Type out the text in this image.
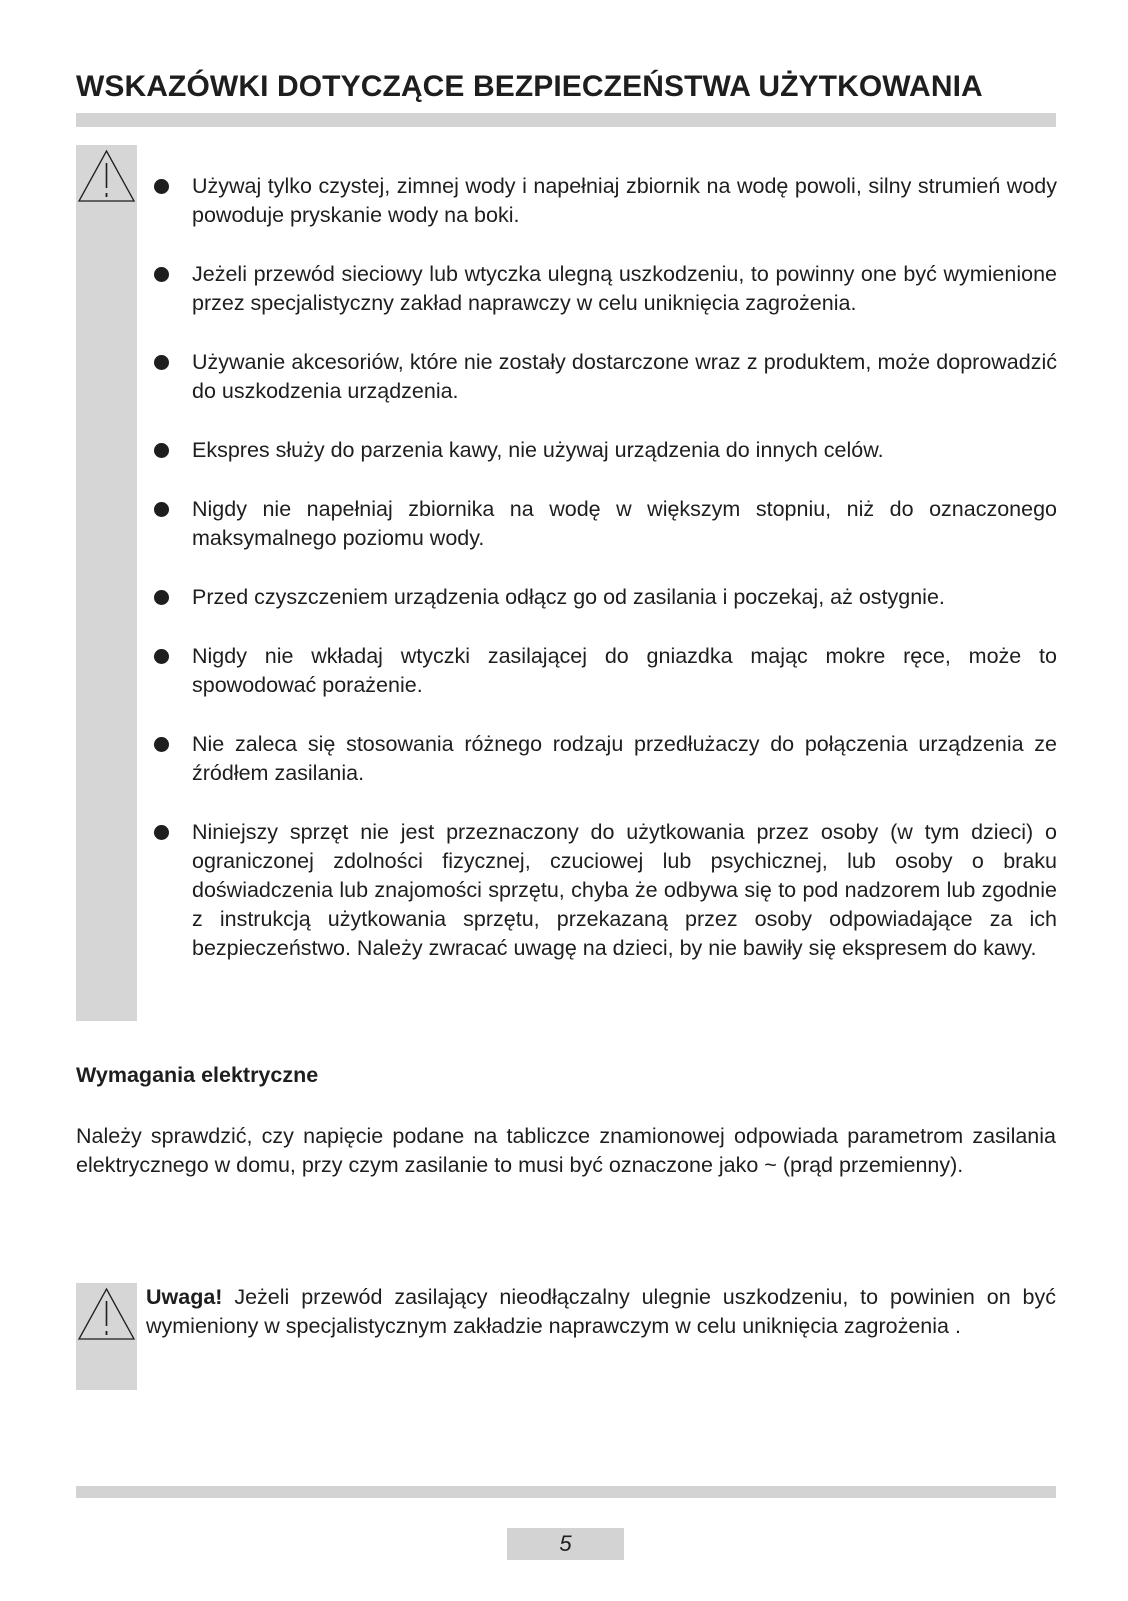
WSKAZÓWKI DOTYCZĄCE BEZPIECZEŃSTWA UŻYTKOWANIA
Używaj tylko czystej, zimnej wody i napełniaj zbiornik na wodę powoli, silny strumień wody powoduje pryskanie wody na boki.
Jeżeli przewód sieciowy lub wtyczka ulegną uszkodzeniu, to powinny one być wymienione przez specjalistyczny zakład naprawczy w celu uniknięcia zagrożenia.
Używanie akcesoriów, które nie zostały dostarczone wraz z produktem, może doprowadzić do uszkodzenia urządzenia.
Ekspres służy do parzenia kawy, nie używaj urządzenia do innych celów.
Nigdy nie napełniaj zbiornika na wodę w większym stopniu, niż do oznaczonego maksymalnego poziomu wody.
Przed czyszczeniem urządzenia odłącz go od zasilania i poczekaj, aż ostygnie.
Nigdy nie wkładaj wtyczki zasilającej do gniazdka mając mokre ręce, może to spowodować porażenie.
Nie zaleca się stosowania różnego rodzaju przedłużaczy do połączenia urządzenia ze źródłem zasilania.
Niniejszy sprzęt nie jest przeznaczony do użytkowania przez osoby (w tym dzieci) o ograniczonej zdolności fizycznej, czuciowej lub psychicznej, lub osoby o braku doświadczenia lub znajomości sprzętu, chyba że odbywa się to pod nadzorem lub zgodnie z instrukcją użytkowania sprzętu, przekazaną przez osoby odpowiadające za ich bezpieczeństwo. Należy zwracać uwagę na dzieci, by nie bawiły się ekspresem do kawy.
Wymagania elektryczne

Należy sprawdzić, czy napięcie podane na tabliczce znamionowej odpowiada parametrom zasilania elektrycznego w domu, przy czym zasilanie to musi być oznaczone jako ~ (prąd przemienny).

Uwaga! Jeżeli przewód zasilający nieodłączalny ulegnie uszkodzeniu, to powinien on być wymieniony w specjalistycznym zakładzie naprawczym w celu uniknięcia zagrożenia .

5
